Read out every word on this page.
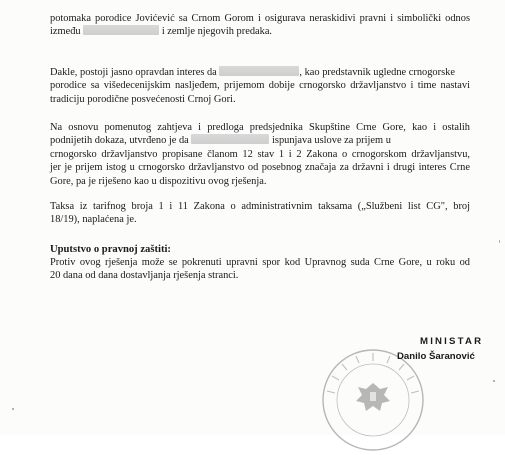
potomaka porodice Jovićević sa Crnom Gorom i osigurava neraskidivi pravni i simbolički odnos
između	i zemlje njegovih predaka.
Dakle, postoji jasno opravdan interes da	, kao predstavnik ugledne crnogorske
porodice sa višedecenijskim nasljeđem, prijemom dobije crnogorsko državljanstvo i time nastavi
tradiciju porodične posvećenosti Crnoj Gori.
Na osnovu pomenutog zahtjeva i predloga predsjednika Skupštine Crne Gore, kao i ostalih
podnijetih dokaza, utvrđeno je da	ispunjava uslove za prijem u
crnogorsko državljanstvo propisane članom 12 stav 1 i 2 Zakona o crnogorskom državljanstvu,
jer je prijem istog u crnogorsko državljanstvo od posebnog značaja za državni i drugi interes Crne
Gore, pa je riješeno kao u dispozitivu ovog rješenja.
Taksa iz tarifnog broja 1 i 11 Zakona o administrativnim taksama („Službeni list CG", broj
18/19), naplaćena je.
Uputstvo o pravnoj zaštiti:
Protiv ovog rješenja može se pokrenuti upravni spor kod Upravnog suda Crne Gore, u roku od
20 dana od dana dostavljanja rješenja stranci.
MINISTAR
Danilo Šaranović
